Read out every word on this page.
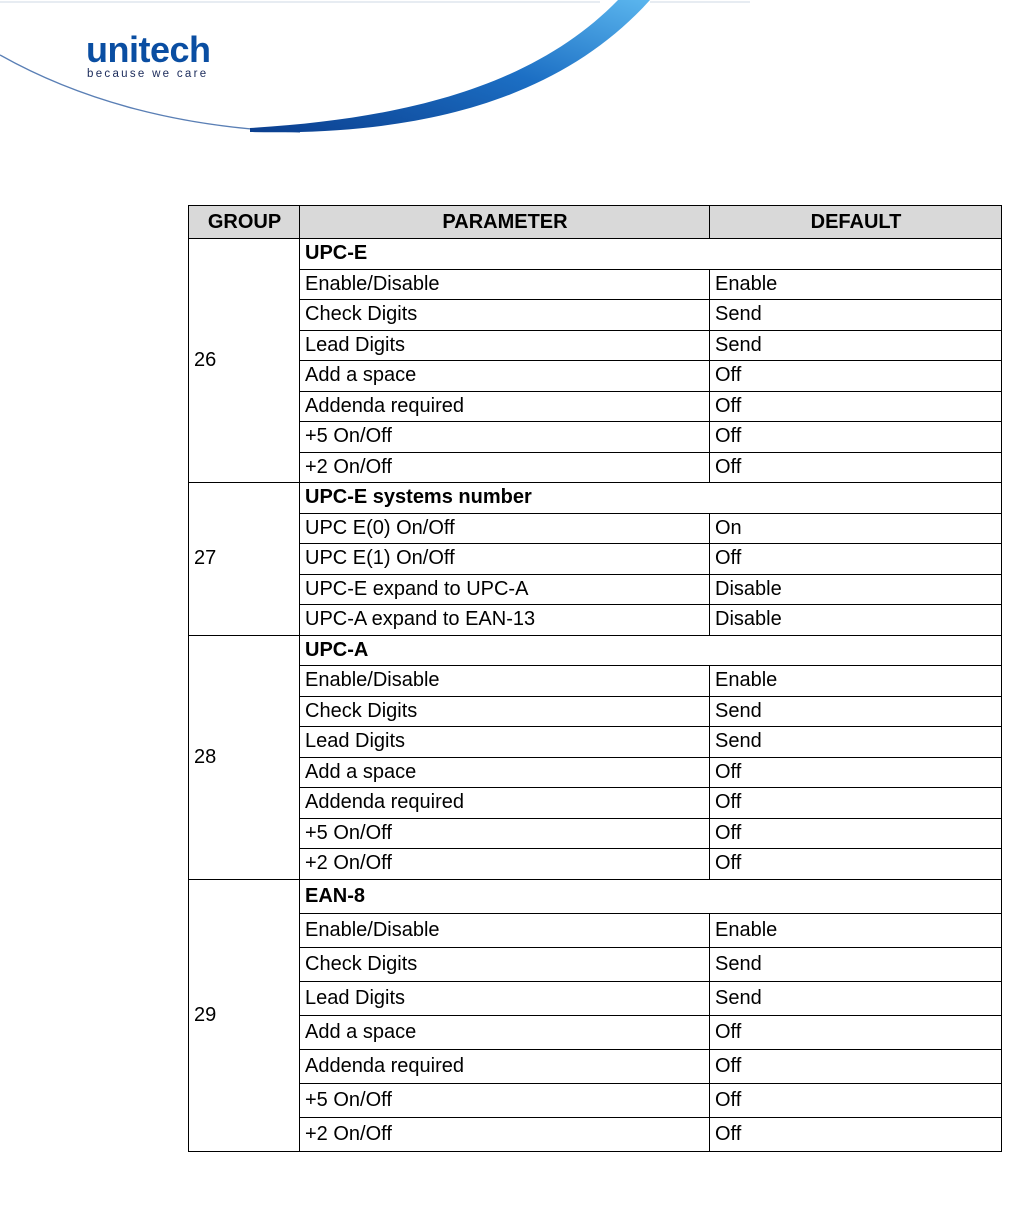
unitech
because we care
GROUP	PARAMETER	DEFAULT
26	UPC-E	
	Enable/Disable	Enable
	Check Digits	Send
	Lead Digits	Send
	Add a space	Off
	Addenda required	Off
	+5 On/Off	Off
	+2 On/Off	Off
27	UPC-E systems number	
	UPC E(0) On/Off	On
	UPC E(1) On/Off	Off
	UPC-E expand to UPC-A	Disable
	UPC-A expand to EAN-13	Disable
28	UPC-A	
	Enable/Disable	Enable
	Check Digits	Send
	Lead Digits	Send
	Add a space	Off
	Addenda required	Off
	+5 On/Off	Off
	+2 On/Off	Off
29	EAN-8	
	Enable/Disable	Enable
	Check Digits	Send
	Lead Digits	Send
	Add a space	Off
	Addenda required	Off
	+5 On/Off	Off
	+2 On/Off	Off
